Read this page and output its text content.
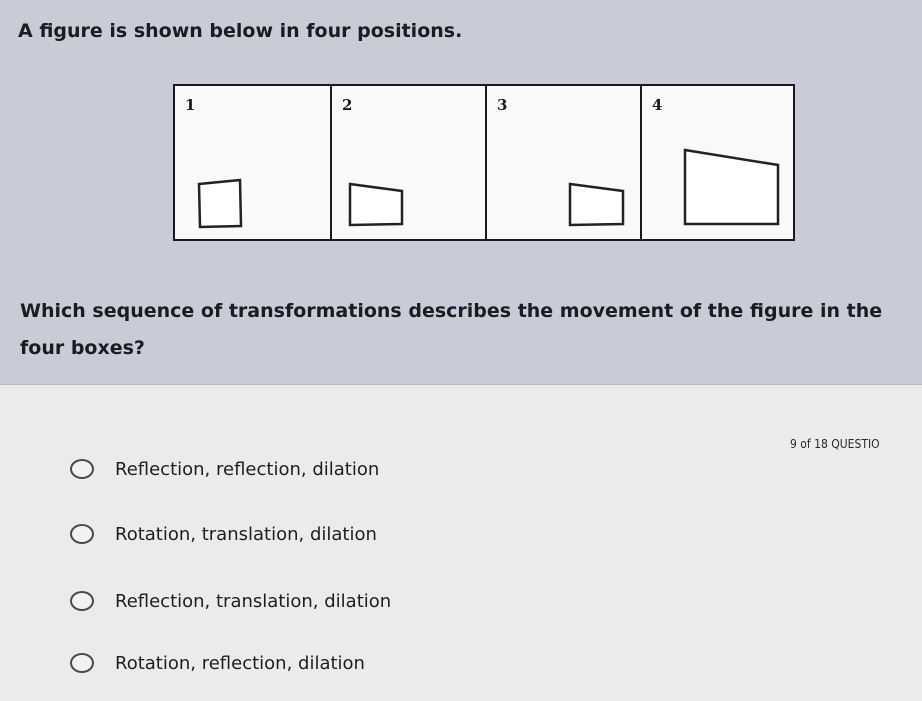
A figure is shown below in four positions.

1	2	3	4

Which sequence of transformations describes the movement of the figure in the four boxes?

9 of 18 QUESTIO
Reflection, reflection, dilation
Rotation, translation, dilation
Reflection, translation, dilation
Rotation, reflection, dilation
